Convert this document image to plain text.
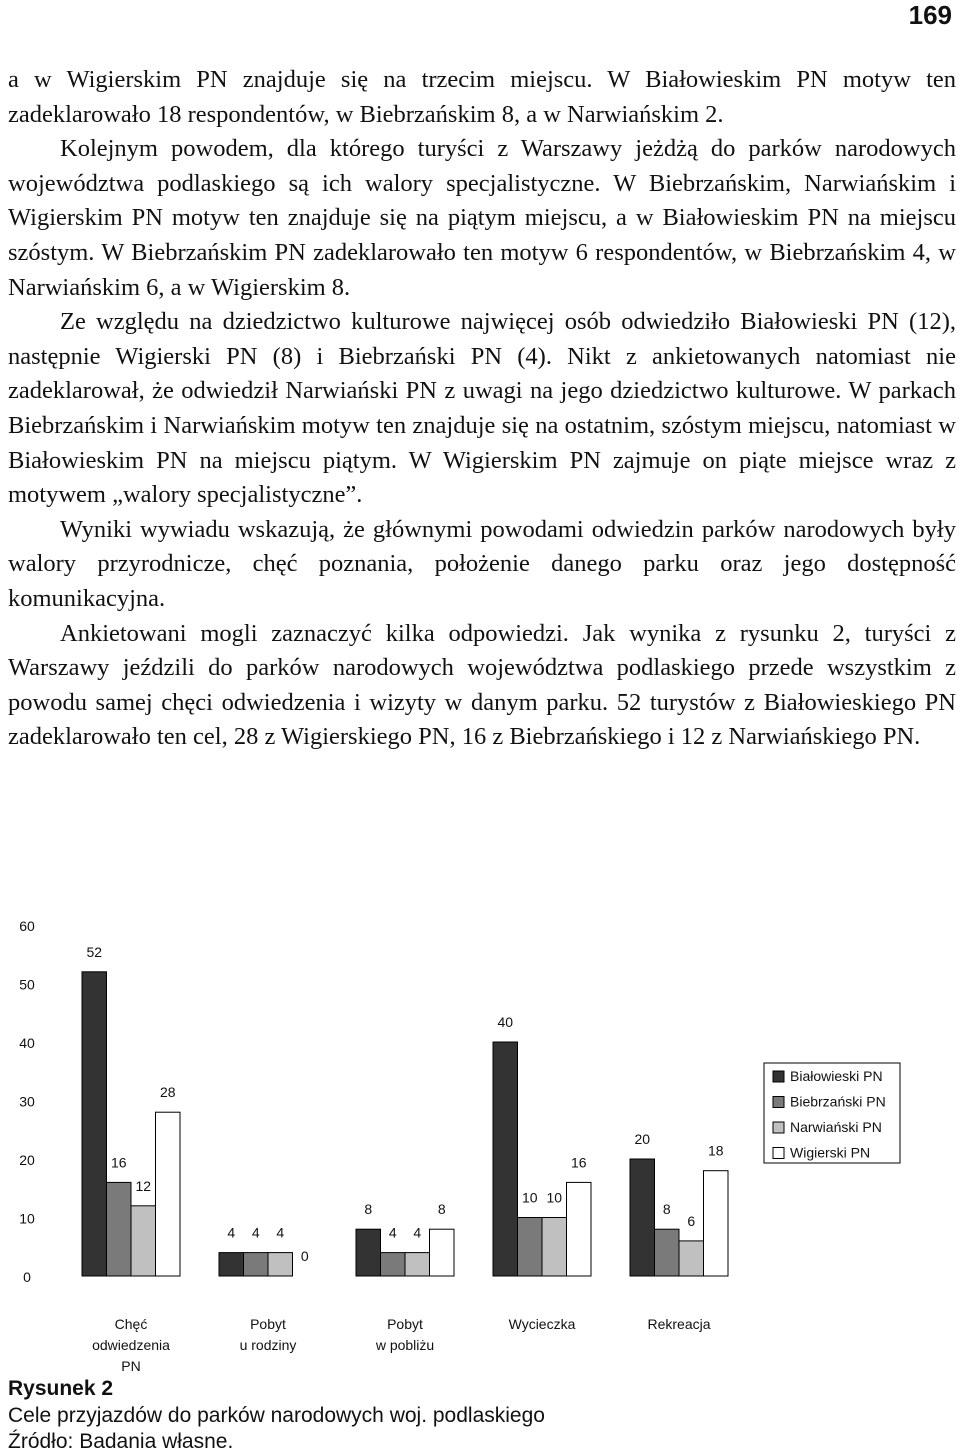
169

a w Wigierskim PN znajduje się na trzecim miejscu. W Białowieskim PN motyw ten zadeklarowało 18 respondentów, w Biebrzańskim 8, a w Narwiańskim 2.

Kolejnym powodem, dla którego turyści z Warszawy jeżdżą do parków narodowych województwa podlaskiego są ich walory specjalistyczne. W Biebrzańskim, Narwiańskim i Wigierskim PN motyw ten znajduje się na piątym miejscu, a w Białowieskim PN na miejscu szóstym. W Biebrzańskim PN zadeklarowało ten motyw 6 respondentów, w Biebrzańskim 4, w Narwiańskim 6, a w Wigierskim 8.

Ze względu na dziedzictwo kulturowe najwięcej osób odwiedziło Białowieski PN (12), następnie Wigierski PN (8) i Biebrzański PN (4). Nikt z ankietowanych natomiast nie zadeklarował, że odwiedził Narwiański PN z uwagi na jego dziedzictwo kulturowe. W parkach Biebrzańskim i Narwiańskim motyw ten znajduje się na ostatnim, szóstym miejscu, natomiast w Białowieskim PN na miejscu piątym. W Wigierskim PN zajmuje on piąte miejsce wraz z motywem „walory specjalistyczne”.

Wyniki wywiadu wskazują, że głównymi powodami odwiedzin parków narodowych były walory przyrodnicze, chęć poznania, położenie danego parku oraz jego dostępność komunikacyjna.

Ankietowani mogli zaznaczyć kilka odpowiedzi. Jak wynika z rysunku 2, turyści z Warszawy jeździli do parków narodowych województwa podlaskiego przede wszystkim z powodu samej chęci odwiedzenia i wizyty w danym parku. 52 turystów z Białowieskiego PN zadeklarowało ten cel, 28 z Wigierskiego PN, 16 z Biebrzańskiego i 12 z Narwiańskiego PN.

0
10
20
30
40
50
60
52
16
12
28
Chęć
odwiedzenia
PN
4 4 4
0
Pobyt
u rodziny
8
4 4
8
Pobyt
w pobliżu
40
10 10
16
Wycieczka
20
8
6
18
Rekreacja
Białowieski PN
Biebrzański PN
Narwiański PN
Wigierski PN
Rysunek 2
Cele przyjazdów do parków narodowych woj. podlaskiego
Źródło: Badania własne.
